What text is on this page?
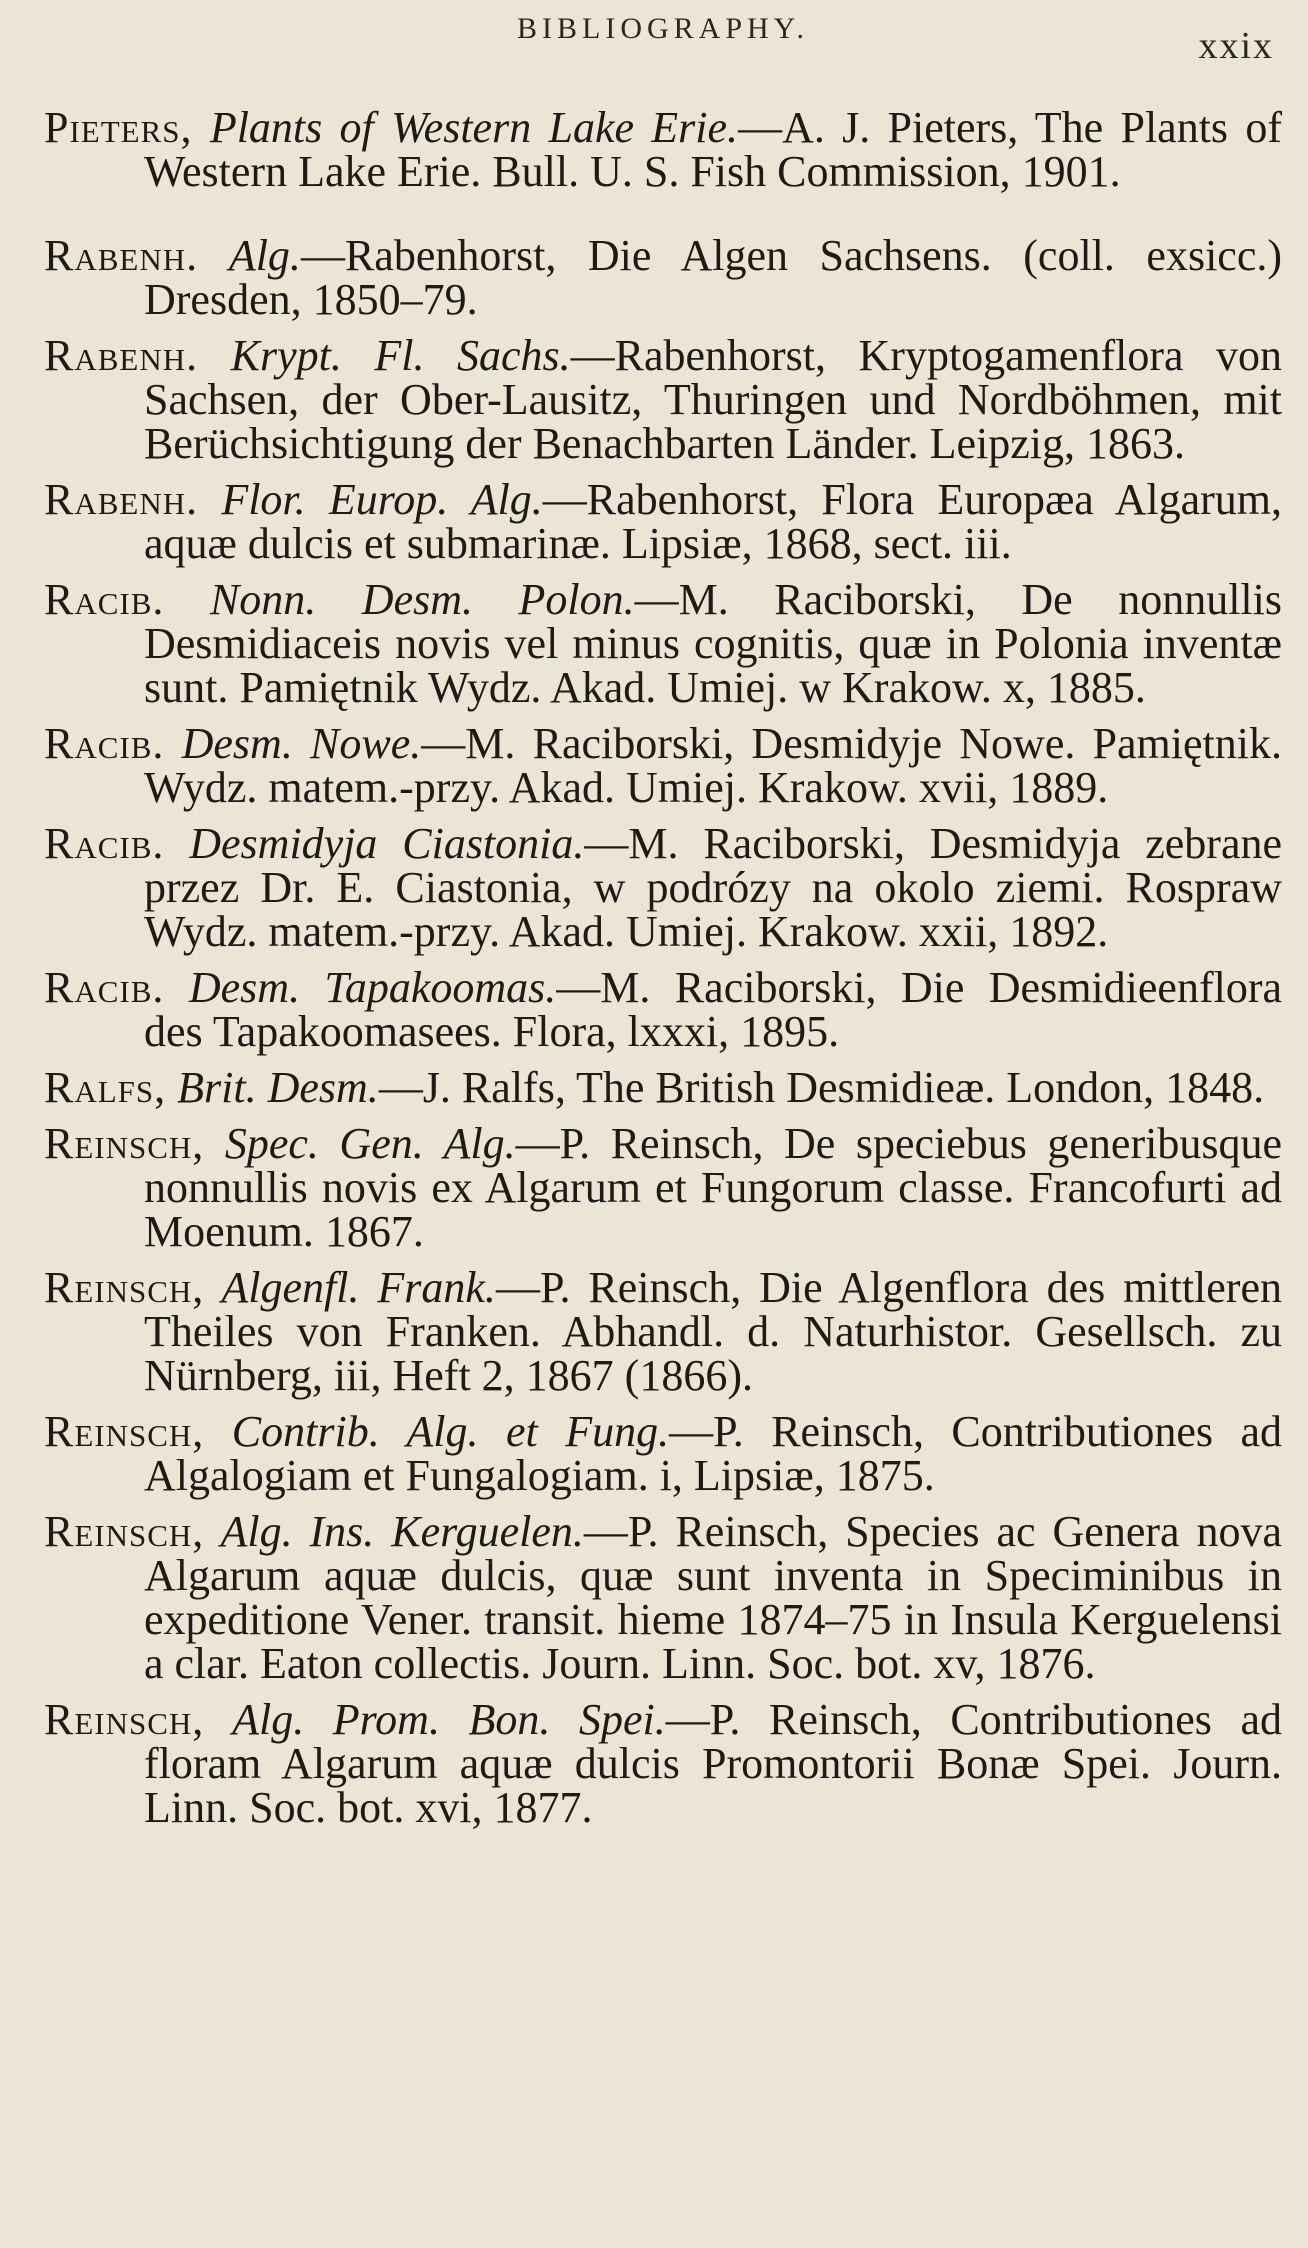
BIBLIOGRAPHY.	xxix

Pieters, Plants of Western Lake Erie.—A. J. Pieters, The Plants of Western Lake Erie. Bull. U. S. Fish Commission, 1901.

Rabenh. Alg.—Rabenhorst, Die Algen Sachsens. (coll. exsicc.) Dresden, 1850–79.

Rabenh. Krypt. Fl. Sachs.—Rabenhorst, Kryptogamenflora von Sachsen, der Ober-Lausitz, Thuringen und Nordböhmen, mit Berüchsichtigung der Benachbarten Länder. Leipzig, 1863.

Rabenh. Flor. Europ. Alg.—Rabenhorst, Flora Europæa Algarum, aquæ dulcis et submarinæ. Lipsiæ, 1868, sect. iii.

Racib. Nonn. Desm. Polon.—M. Raciborski, De nonnullis Desmidiaceis novis vel minus cognitis, quæ in Polonia inventæ sunt. Pamiętnik Wydz. Akad. Umiej. w Krakow. x, 1885.

Racib. Desm. Nowe.—M. Raciborski, Desmidyje Nowe. Pamiętnik. Wydz. matem.-przy. Akad. Umiej. Krakow. xvii, 1889.

Racib. Desmidyja Ciastonia.—M. Raciborski, Desmidyja zebrane przez Dr. E. Ciastonia, w podrózy na okolo ziemi. Rospraw Wydz. matem.-przy. Akad. Umiej. Krakow. xxii, 1892.

Racib. Desm. Tapakoomas.—M. Raciborski, Die Desmidieenflora des Tapakoomasees. Flora, lxxxi, 1895.

Ralfs, Brit. Desm.—J. Ralfs, The British Desmidieæ. London, 1848.

Reinsch, Spec. Gen. Alg.—P. Reinsch, De speciebus generibusque nonnullis novis ex Algarum et Fungorum classe. Francofurti ad Moenum. 1867.

Reinsch, Algenfl. Frank.—P. Reinsch, Die Algenflora des mittleren Theiles von Franken. Abhandl. d. Naturhistor. Gesellsch. zu Nürnberg, iii, Heft 2, 1867 (1866).

Reinsch, Contrib. Alg. et Fung.—P. Reinsch, Contributiones ad Algalogiam et Fungalogiam. i, Lipsiæ, 1875.

Reinsch, Alg. Ins. Kerguelen.—P. Reinsch, Species ac Genera nova Algarum aquæ dulcis, quæ sunt inventa in Speciminibus in expeditione Vener. transit. hieme 1874–75 in Insula Kerguelensi a clar. Eaton collectis. Journ. Linn. Soc. bot. xv, 1876.

Reinsch, Alg. Prom. Bon. Spei.—P. Reinsch, Contributiones ad floram Algarum aquæ dulcis Promontorii Bonæ Spei. Journ. Linn. Soc. bot. xvi, 1877.
